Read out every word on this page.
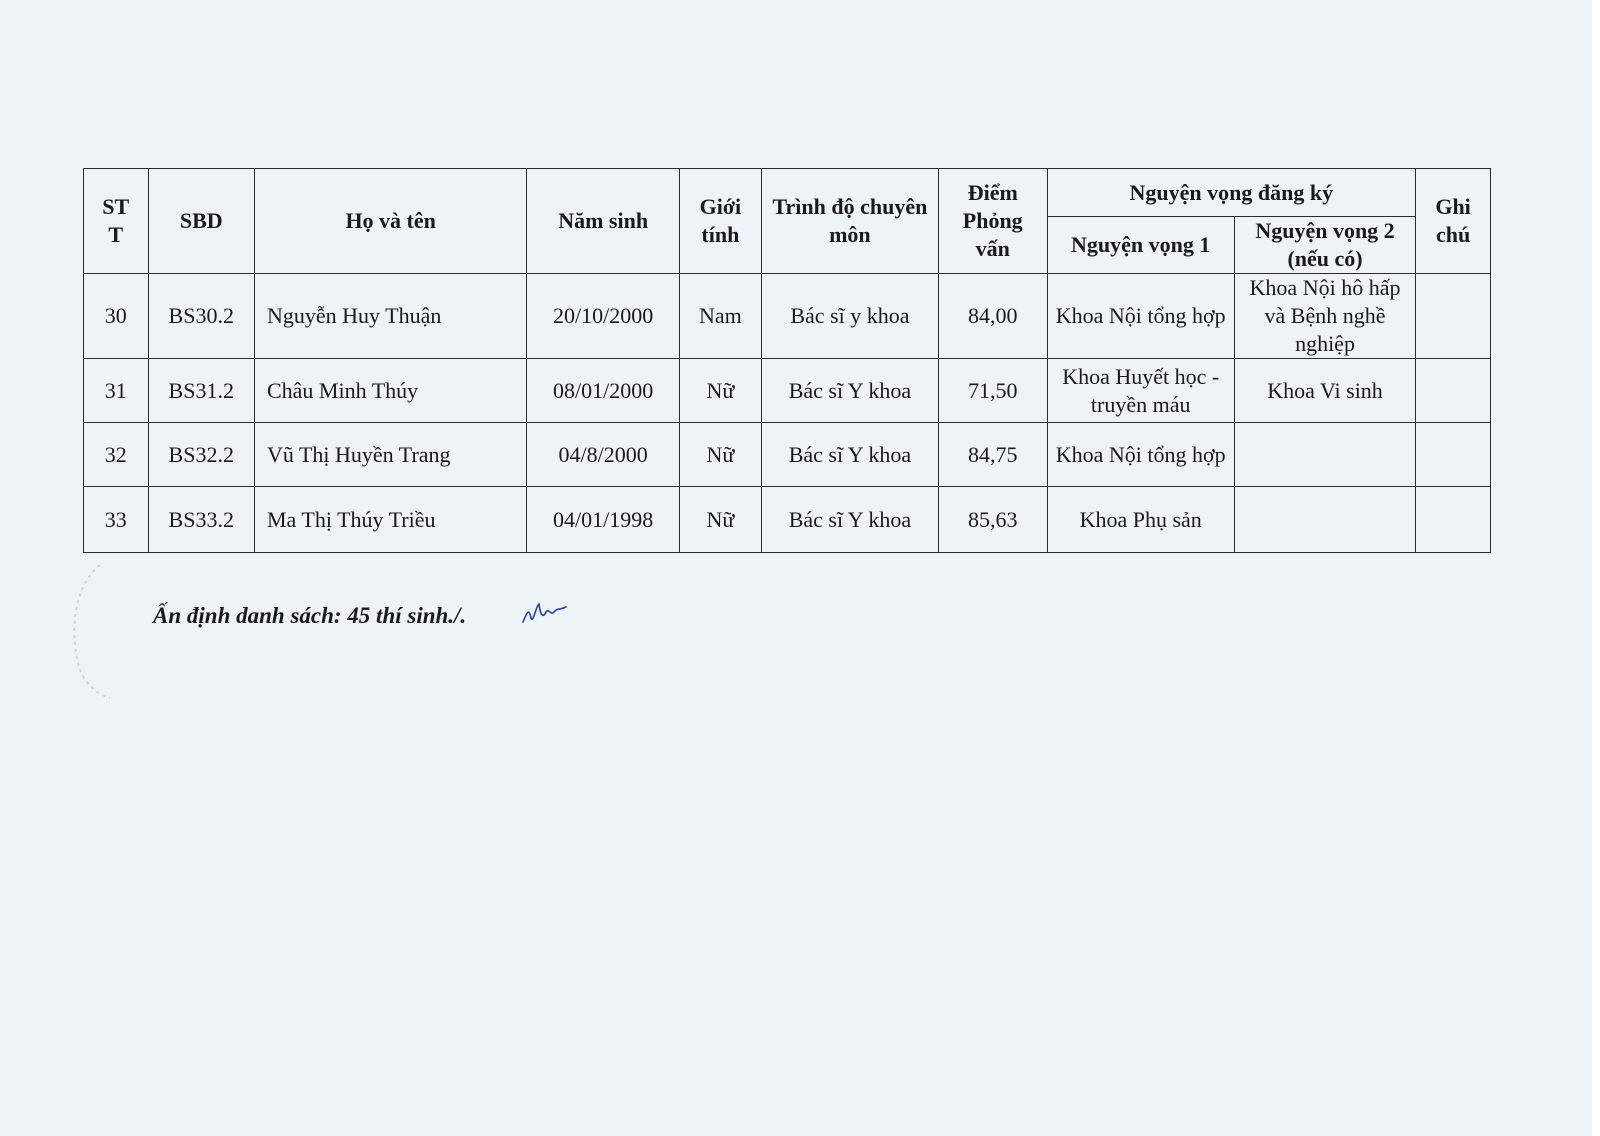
ST
T	SBD	Họ và tên	Năm sinh	Giới tính	Trình độ chuyên môn	Điểm Phỏng vấn	Nguyện vọng đăng ký		Ghi chú
							Nguyện vọng 1	Nguyện vọng 2 (nếu có)	
30	BS30.2	Nguyễn Huy Thuận	20/10/2000	Nam	Bác sĩ y khoa	84,00	Khoa Nội tổng hợp	Khoa Nội hô hấp và Bệnh nghề nghiệp	
31	BS31.2	Châu Minh Thúy	08/01/2000	Nữ	Bác sĩ Y khoa	71,50	Khoa Huyết học - truyền máu	Khoa Vi sinh	
32	BS32.2	Vũ Thị Huyền Trang	04/8/2000	Nữ	Bác sĩ Y khoa	84,75	Khoa Nội tổng hợp		
33	BS33.2	Ma Thị Thúy Triều	04/01/1998	Nữ	Bác sĩ Y khoa	85,63	Khoa Phụ sản		
Ấn định danh sách: 45 thí sinh./.
